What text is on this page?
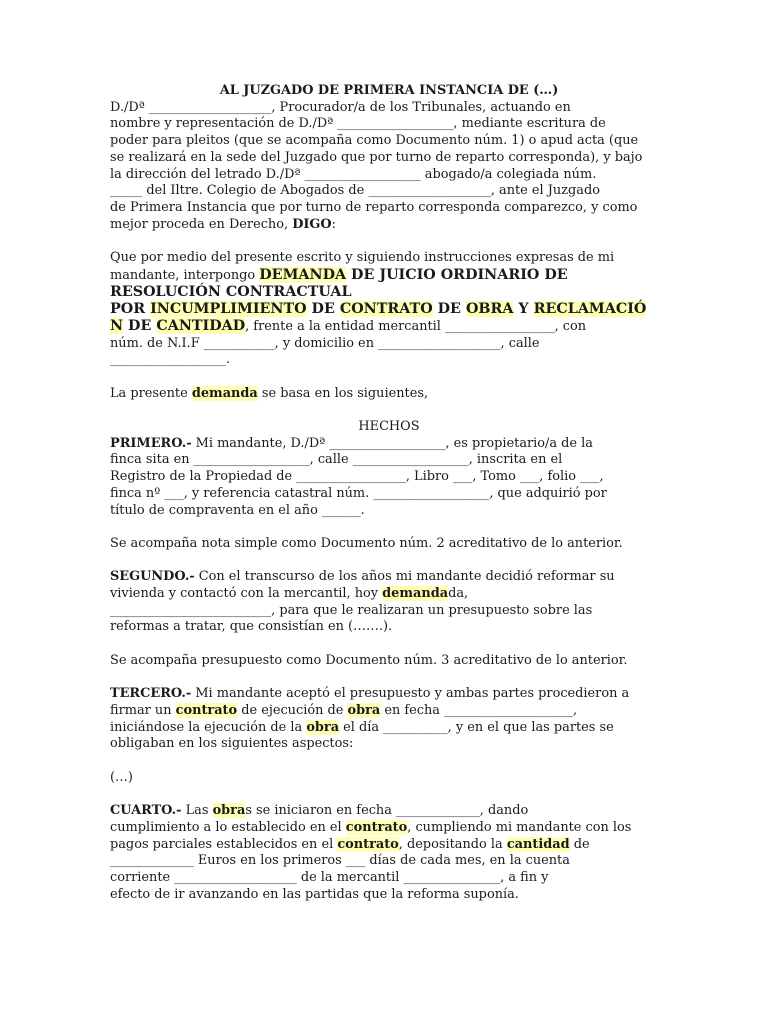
AL JUZGADO DE PRIMERA INSTANCIA DE (…)
D./Dª ___________________, Procurador/a de los Tribunales, actuando en
nombre y representación de D./Dª __________________, mediante escritura de
poder para pleitos (que se acompaña como Documento núm. 1) o apud acta (que
se realizará en la sede del Juzgado que por turno de reparto corresponda), y bajo
la dirección del letrado D./Dª __________________ abogado/a colegiada núm.
_____ del Iltre. Colegio de Abogados de ___________________, ante el Juzgado
de Primera Instancia que por turno de reparto corresponda comparezco, y como
mejor proceda en Derecho, DIGO:
Que por medio del presente escrito y siguiendo instrucciones expresas de mi
mandante, interpongo DEMANDA DE JUICIO ORDINARIO DE
RESOLUCIÓN CONTRACTUAL
POR INCUMPLIMIENTO DE CONTRATO DE OBRA Y RECLAMACIÓ
N DE CANTIDAD, frente a la entidad mercantil _________________, con
núm. de N.I.F ___________, y domicilio en ___________________, calle
__________________.
La presente demanda se basa en los siguientes,
HECHOS
PRIMERO.- Mi mandante, D./Dª __________________, es propietario/a de la
finca sita en __________________, calle __________________, inscrita en el
Registro de la Propiedad de _________________, Libro ___, Tomo ___, folio ___,
finca nº ___, y referencia catastral núm. __________________, que adquirió por
título de compraventa en el año ______.
Se acompaña nota simple como Documento núm. 2 acreditativo de lo anterior.
SEGUNDO.- Con el transcurso de los años mi mandante decidió reformar su
vivienda y contactó con la mercantil, hoy demandada,
_________________________, para que le realizaran un presupuesto sobre las
reformas a tratar, que consistían en (…….).
Se acompaña presupuesto como Documento núm. 3 acreditativo de lo anterior.
TERCERO.- Mi mandante aceptó el presupuesto y ambas partes procedieron a
firmar un contrato de ejecución de obra en fecha ____________________,
iniciándose la ejecución de la obra el día __________, y en el que las partes se
obligaban en los siguientes aspectos:
(…)
CUARTO.- Las obras se iniciaron en fecha _____________, dando
cumplimiento a lo establecido en el contrato, cumpliendo mi mandante con los
pagos parciales establecidos en el contrato, depositando la cantidad de
_____________ Euros en los primeros ___ días de cada mes, en la cuenta
corriente ___________________ de la mercantil _______________, a fin y
efecto de ir avanzando en las partidas que la reforma suponía.
